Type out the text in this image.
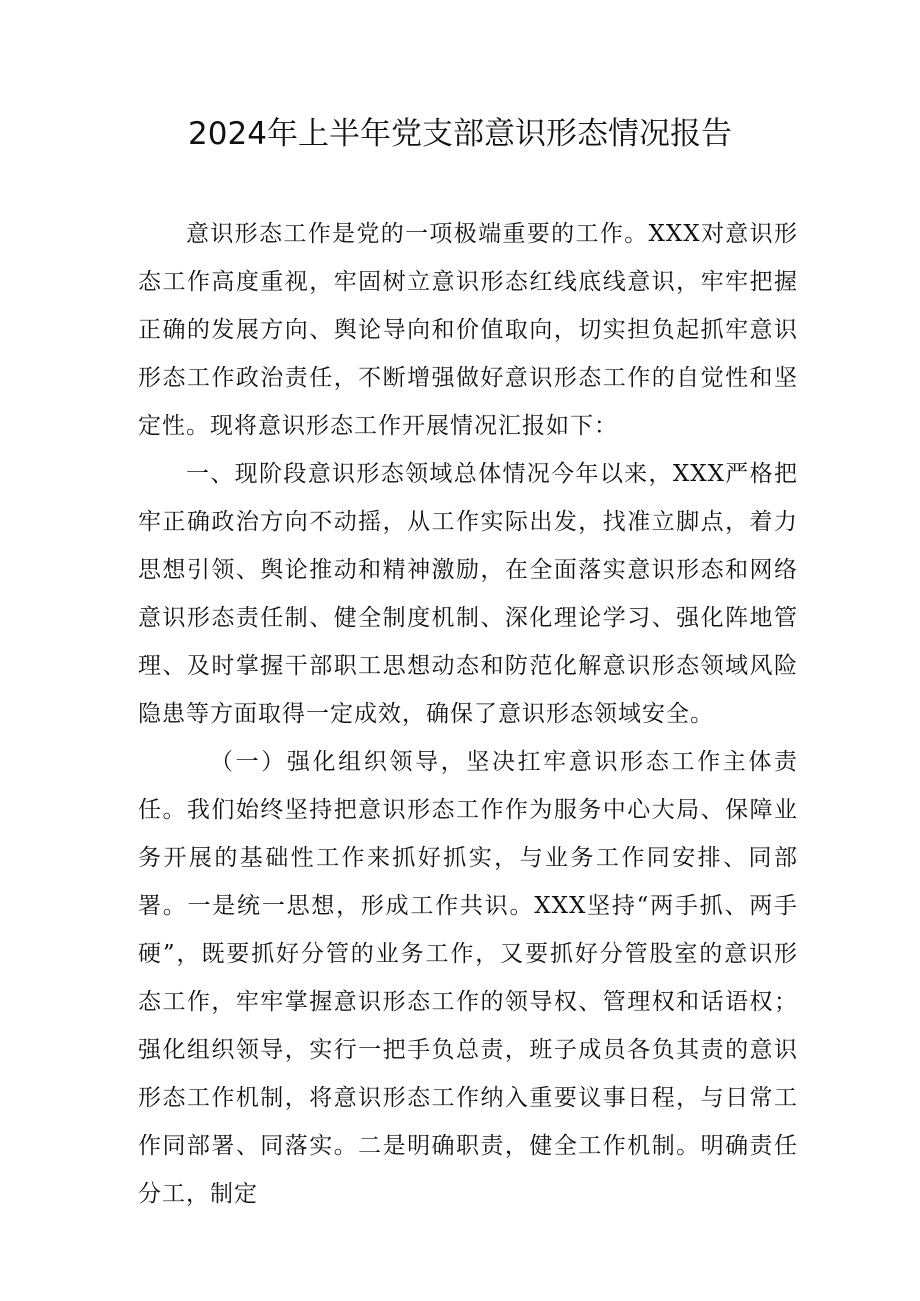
2024年上半年党支部意识形态情况报告

意识形态工作是党的一项极端重要的工作。XXX对意识形态工作高度重视，牢固树立意识形态红线底线意识，牢牢把握正确的发展方向、舆论导向和价值取向，切实担负起抓牢意识形态工作政治责任，不断增强做好意识形态工作的自觉性和坚定性。现将意识形态工作开展情况汇报如下：

一、现阶段意识形态领域总体情况今年以来，XXX严格把牢正确政治方向不动摇，从工作实际出发，找准立脚点，着力思想引领、舆论推动和精神激励，在全面落实意识形态和网络意识形态责任制、健全制度机制、深化理论学习、强化阵地管理、及时掌握干部职工思想动态和防范化解意识形态领域风险隐患等方面取得一定成效，确保了意识形态领域安全。

（一）强化组织领导，坚决扛牢意识形态工作主体责任。我们始终坚持把意识形态工作作为服务中心大局、保障业务开展的基础性工作来抓好抓实，与业务工作同安排、同部署。一是统一思想，形成工作共识。XXX坚持“两手抓、两手硬”，既要抓好分管的业务工作，又要抓好分管股室的意识形态工作，牢牢掌握意识形态工作的领导权、管理权和话语权；强化组织领导，实行一把手负总责，班子成员各负其责的意识形态工作机制，将意识形态工作纳入重要议事日程，与日常工作同部署、同落实。二是明确职责，健全工作机制。明确责任分工，制定
